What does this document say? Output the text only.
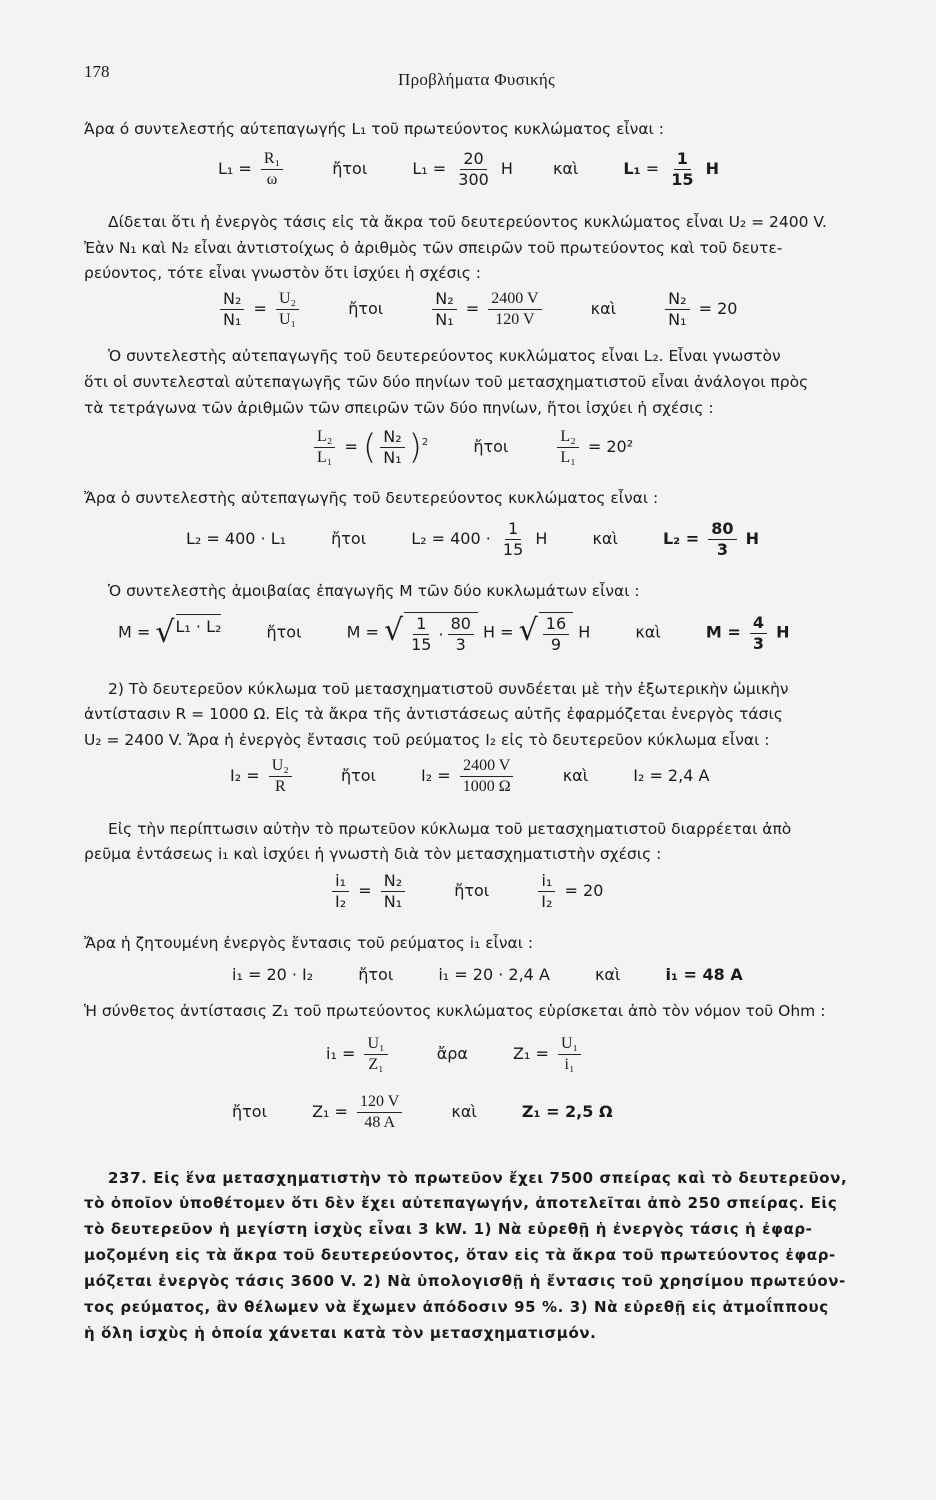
178	Προβλήματα Φυσικής
Άρα ό συντελεστής αύτεπαγωγής L₁ τοῦ πρωτεύοντος κυκλώματος εἶναι :
$L_1 = \frac{\text{R₁}}{\omega}$	ἤτοι	$L_1 = \frac{20}{300}$ H	καὶ	$L_1 = \frac{1}{15}$ H
Δίδεται ὅτι ἡ ἐνεργὸς τάσις εἰς τὰ ἄκρα τοῦ δευτερεύοντος κυκλώματος εἶναι U₂ = 2400 V.
Ἐὰν N₁ καὶ N₂ εἶναι ἀντιστοίχως ὁ ἀριθμὸς τῶν σπειρῶν τοῦ πρωτεύοντος καὶ τοῦ δευτε-
ρεύοντος, τότε εἶναι γνωστὸν ὅτι ἰσχύει ἡ σχέσις :
$\frac{\text{N₂}}{\text{N₁}} = \frac{\text{U₂}}{\text{U₁}}$	ἤτοι	$\frac{\text{N₂}}{\text{N₁}} = \frac{2400 V}{120 V}$	καὶ	$\frac{\text{N₂}}{\text{N₁}} = 20$
Ὁ συντελεστὴς αὐτεπαγωγῆς τοῦ δευτερεύοντος κυκλώματος εἶναι L₂. Εἶναι γνωστὸν
ὅτι οἱ συντελεσταὶ αὐτεπαγωγῆς τῶν δύο πηνίων τοῦ μετασχηματιστοῦ εἶναι ἀνάλογοι πρὸς
τὰ τετράγωνα τῶν ἀριθμῶν τῶν σπειρῶν τῶν δύο πηνίων, ἤτοι ἰσχύει ἡ σχέσις :
$\frac{\text{L₂}}{\text{L₁}}$ = ( $\frac{\text{N₂}}{\text{N₁}} )^2$	ἤτοι	$\frac{\text{L₂}}{\text{L₁}} = 20^2$
Ἄρα ὁ συντελεστὴς αὐτεπαγωγῆς τοῦ δευτερεύοντος κυκλώματος εἶναι :
L₂ = 400 · L₁	ἤτοι	$L_2 = 400 \cdot \frac{1}{15}$ H	καὶ	$L_2 = \frac{80}{3}$ H
Ὁ συντελεστὴς ἀμοιβαίας ἐπαγωγῆς M τῶν δύο κυκλωμάτων εἶναι :
M = √ L₁ · L₂	ἤτοι	M = √ $\frac{1}{15} \cdot \frac{80}{3}$ H = √ $\frac{16}{9}$ H	καὶ	$M = \frac{4}{3}$ H
2) Τὸ δευτερεῦον κύκλωμα τοῦ μετασχηματιστοῦ συνδέεται μὲ τὴν ἐξωτερικὴν ὠμικὴν
ἀντίστασιν R = 1000 Ω. Εἰς τὰ ἄκρα τῆς ἀντιστάσεως αὐτῆς ἐφαρμόζεται ἐνεργὸς τάσις
U₂ = 2400 V. Ἄρα ἡ ἐνεργὸς ἔντασις τοῦ ρεύματος I₂ εἰς τὸ δευτερεῦον κύκλωμα εἶναι :
$I_2 = \frac{\text{U₂}}{R}$	ἤτοι	$I_2 = \frac{2400 V}{1000 \Omega}$	καὶ	I₂ = 2,4 A
Εἰς τὴν περίπτωσιν αὐτὴν τὸ πρωτεῦον κύκλωμα τοῦ μετασχηματιστοῦ διαρρέεται ἀπὸ
ρεῦμα ἐντάσεως i₁ καὶ ἰσχύει ἡ γνωστὴ διὰ τὸν μετασχηματιστὴν σχέσις :
$\frac{\text{i₁}}{\text{I₂}} = \frac{\text{N₂}}{\text{N₁}}$	ἤτοι	$\frac{\text{i₁}}{\text{I₂}} = 20$
Ἄρα ἡ ζητουμένη ἐνεργὸς ἔντασις τοῦ ρεύματος i₁ εἶναι :
i₁ = 20 · I₂	ἤτοι	i₁ = 20 · 2,4 A	καὶ	i₁ = 48 A
Ἡ σύνθετος ἀντίστασις Z₁ τοῦ πρωτεύοντος κυκλώματος εὑρίσκεται ἀπὸ τὸν νόμον τοῦ Ohm :
$i_1 = \frac{\text{U₁}}{\text{Z₁}}$	ἄρα	$Z_1 = \frac{\text{U₁}}{\text{i₁}}$
ἤτοι	$Z_1 = \frac{120 V}{48 A}$	καὶ	Z₁ = 2,5 Ω
237. Εἰς ἕνα μετασχηματιστὴν τὸ πρωτεῦον ἔχει 7500 σπείρας καὶ τὸ δευτερεῦον,
τὸ ὁποῖον ὑποθέτομεν ὅτι δὲν ἔχει αὐτεπαγωγήν, ἀποτελεῖται ἀπὸ 250 σπείρας. Εἰς
τὸ δευτερεῦον ἡ μεγίστη ἰσχὺς εἶναι 3 kW. 1) Νὰ εὑρεθῇ ἡ ἐνεργὸς τάσις ἡ ἐφαρ-
μοζομένη εἰς τὰ ἄκρα τοῦ δευτερεύοντος, ὅταν εἰς τὰ ἄκρα τοῦ πρωτεύοντος ἐφαρ-
μόζεται ἐνεργὸς τάσις 3600 V. 2) Νὰ ὑπολογισθῇ ἡ ἔντασις τοῦ χρησίμου πρωτεύον-
τος ρεύματος, ἂν θέλωμεν νὰ ἔχωμεν ἀπόδοσιν 95 %. 3) Νὰ εὑρεθῇ εἰς ἀτμοΐππους
ἡ ὅλη ἰσχὺς ἡ ὁποία χάνεται κατὰ τὸν μετασχηματισμόν.
